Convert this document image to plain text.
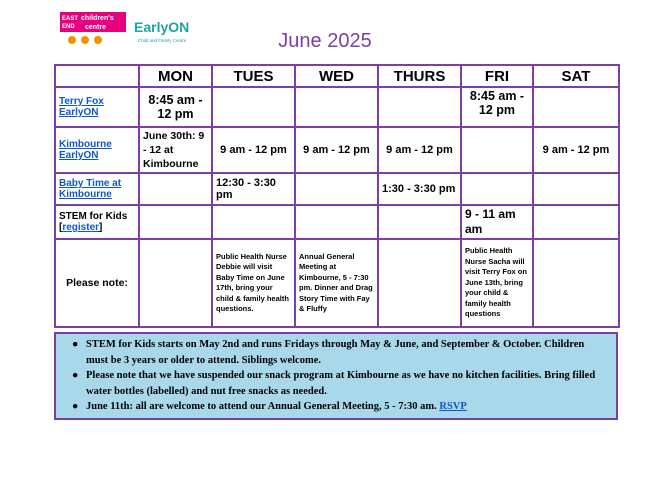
EAST
END
children's
centre EarlyON
Child and Family Centre	June 2025
	MON	TUES	WED	THURS	FRI	SAT
Terry Fox EarlyON	8:45 am - 12 pm				8:45 am - 12 pm	
Kimbourne EarlyON	June 30th: 9 - 12 at Kimbourne	9 am - 12 pm	9 am - 12 pm	9 am - 12 pm		9 am - 12 pm
Baby Time at Kimbourne		12:30 - 3:30 pm		1:30 - 3:30 pm		
STEM for Kids
[register]					9 - 11 am am	
Please note:		Public Health Nurse Debbie will visit Baby Time on June 17th, bring your child & family health questions.	Annual General Meeting at Kimbourne, 5 - 7:30 pm. Dinner and Drag Story Time with Fay & Fluffy		Public Health Nurse Sacha will visit Terry Fox on June 13th, bring your child & family health questions	
● STEM for Kids starts on May 2nd and runs Fridays through May & June, and September & October. Children must be 3 years or older to attend. Siblings welcome.
● Please note that we have suspended our snack program at Kimbourne as we have no kitchen facilities. Bring filled water bottles (labelled) and nut free snacks as needed.
● June 11th: all are welcome to attend our Annual General Meeting, 5 - 7:30 am. RSVP
